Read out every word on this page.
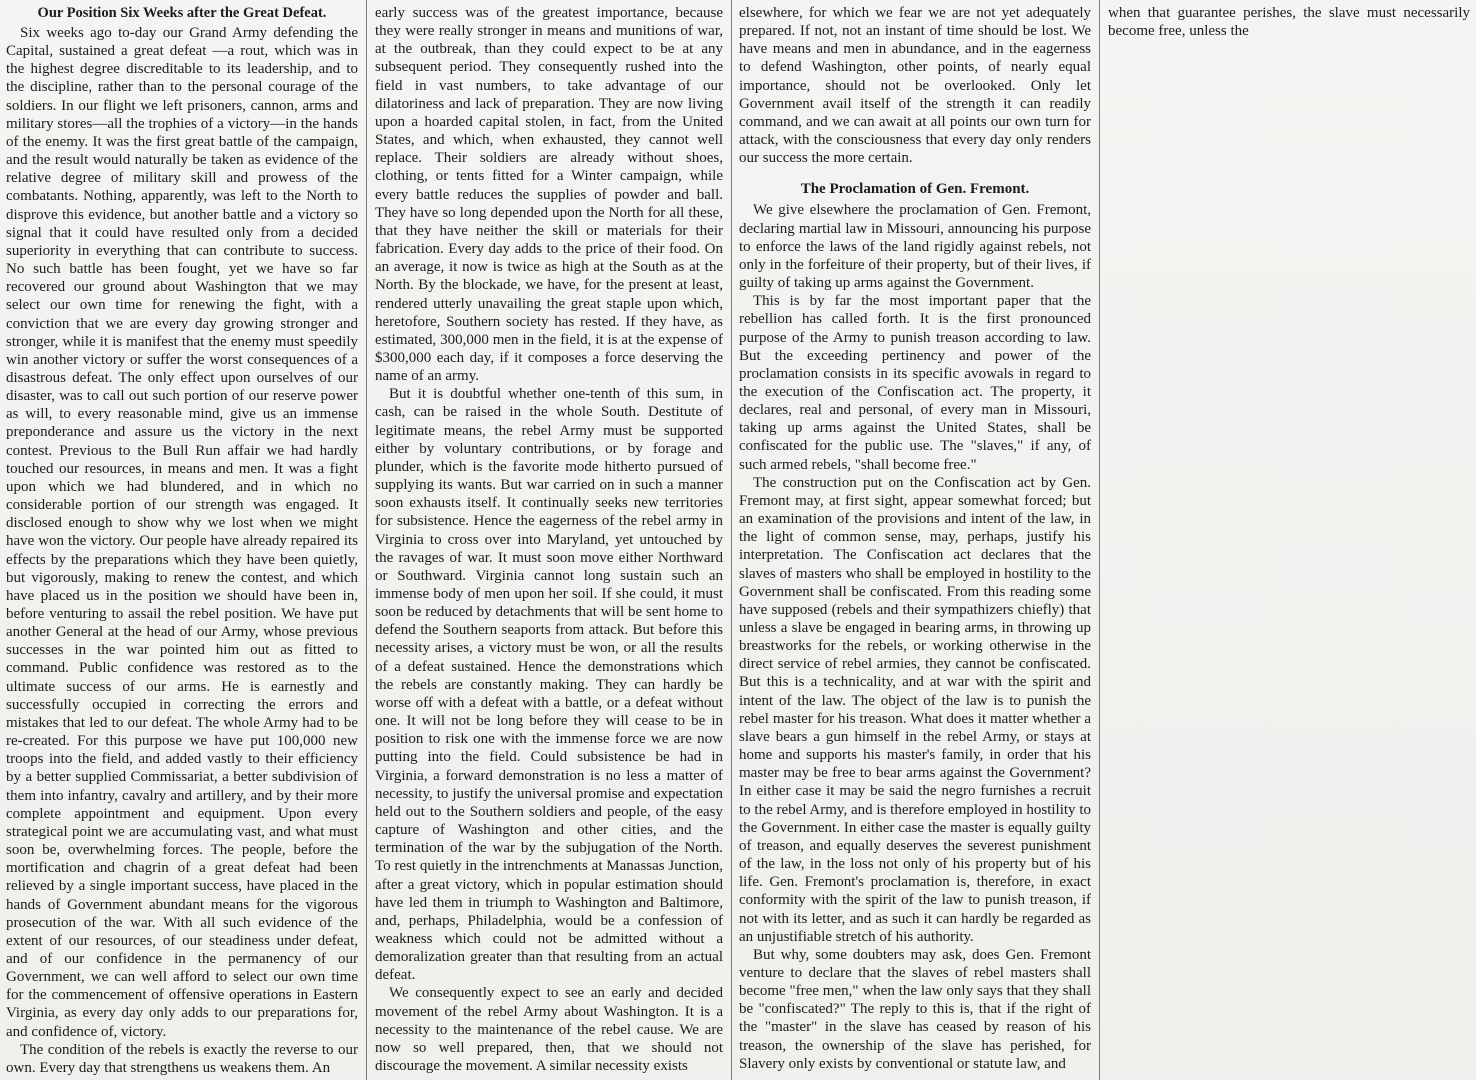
Our Position Six Weeks after the Great Defeat.

Six weeks ago to-day our Grand Army defending the Capital, sustained a great defeat —a rout, which was in the highest degree discreditable to its leadership, and to the discipline, rather than to the personal courage of the soldiers. In our flight we left prisoners, cannon, arms and military stores—all the trophies of a victory—in the hands of the enemy. It was the first great battle of the campaign, and the result would naturally be taken as evidence of the relative degree of military skill and prowess of the combatants. Nothing, apparently, was left to the North to disprove this evidence, but another battle and a victory so signal that it could have resulted only from a decided superiority in everything that can contribute to success. No such battle has been fought, yet we have so far recovered our ground about Washington that we may select our own time for renewing the fight, with a conviction that we are every day growing stronger and stronger, while it is manifest that the enemy must speedily win another victory or suffer the worst consequences of a disastrous defeat. The only effect upon ourselves of our disaster, was to call out such portion of our reserve power as will, to every reasonable mind, give us an immense preponderance and assure us the victory in the next contest. Previous to the Bull Run affair we had hardly touched our resources, in means and men. It was a fight upon which we had blundered, and in which no considerable portion of our strength was engaged. It disclosed enough to show why we lost when we might have won the victory. Our people have already repaired its effects by the preparations which they have been quietly, but vigorously, making to renew the contest, and which have placed us in the position we should have been in, before venturing to assail the rebel position. We have put another General at the head of our Army, whose previous successes in the war pointed him out as fitted to command. Public confidence was restored as to the ultimate success of our arms. He is earnestly and successfully occupied in correcting the errors and mistakes that led to our defeat. The whole Army had to be re-created. For this purpose we have put 100,000 new troops into the field, and added vastly to their efficiency by a better supplied Commissariat, a better subdivision of them into infantry, cavalry and artillery, and by their more complete appointment and equipment. Upon every strategical point we are accumulating vast, and what must soon be, overwhelming forces. The people, before the mortification and chagrin of a great defeat had been relieved by a single important success, have placed in the hands of Government abundant means for the vigorous prosecution of the war. With all such evidence of the extent of our resources, of our steadiness under defeat, and of our confidence in the permanency of our Government, we can well afford to select our own time for the commencement of offensive operations in Eastern Virginia, as every day only adds to our preparations for, and confidence of, victory.

The condition of the rebels is exactly the reverse to our own. Every day that strengthens us weakens them. An

early success was of the greatest importance, because they were really stronger in means and munitions of war, at the outbreak, than they could expect to be at any subsequent period. They consequently rushed into the field in vast numbers, to take advantage of our dilatoriness and lack of preparation. They are now living upon a hoarded capital stolen, in fact, from the United States, and which, when exhausted, they cannot well replace. Their soldiers are already without shoes, clothing, or tents fitted for a Winter campaign, while every battle reduces the supplies of powder and ball. They have so long depended upon the North for all these, that they have neither the skill or materials for their fabrication. Every day adds to the price of their food. On an average, it now is twice as high at the South as at the North. By the blockade, we have, for the present at least, rendered utterly unavailing the great staple upon which, heretofore, Southern society has rested. If they have, as estimated, 300,000 men in the field, it is at the expense of $300,000 each day, if it composes a force deserving the name of an army.

But it is doubtful whether one-tenth of this sum, in cash, can be raised in the whole South. Destitute of legitimate means, the rebel Army must be supported either by voluntary contributions, or by forage and plunder, which is the favorite mode hitherto pursued of supplying its wants. But war carried on in such a manner soon exhausts itself. It continually seeks new territories for subsistence. Hence the eagerness of the rebel army in Virginia to cross over into Maryland, yet untouched by the ravages of war. It must soon move either Northward or Southward. Virginia cannot long sustain such an immense body of men upon her soil. If she could, it must soon be reduced by detachments that will be sent home to defend the Southern seaports from attack. But before this necessity arises, a victory must be won, or all the results of a defeat sustained. Hence the demonstrations which the rebels are constantly making. They can hardly be worse off with a defeat with a battle, or a defeat without one. It will not be long before they will cease to be in position to risk one with the immense force we are now putting into the field. Could subsistence be had in Virginia, a forward demonstration is no less a matter of necessity, to justify the universal promise and expectation held out to the Southern soldiers and people, of the easy capture of Washington and other cities, and the termination of the war by the subjugation of the North. To rest quietly in the intrenchments at Manassas Junction, after a great victory, which in popular estimation should have led them in triumph to Washington and Baltimore, and, perhaps, Philadelphia, would be a confession of weakness which could not be admitted without a demoralization greater than that resulting from an actual defeat.

We consequently expect to see an early and decided movement of the rebel Army about Washington. It is a necessity to the maintenance of the rebel cause. We are now so well prepared, then, that we should not discourage the movement. A similar necessity exists

elsewhere, for which we fear we are not yet adequately prepared. If not, not an instant of time should be lost. We have means and men in abundance, and in the eagerness to defend Washington, other points, of nearly equal importance, should not be overlooked. Only let Government avail itself of the strength it can readily command, and we can await at all points our own turn for attack, with the consciousness that every day only renders our success the more certain.

The Proclamation of Gen. Fremont.

We give elsewhere the proclamation of Gen. Fremont, declaring martial law in Missouri, announcing his purpose to enforce the laws of the land rigidly against rebels, not only in the forfeiture of their property, but of their lives, if guilty of taking up arms against the Government.

This is by far the most important paper that the rebellion has called forth. It is the first pronounced purpose of the Army to punish treason according to law. But the exceeding pertinency and power of the proclamation consists in its specific avowals in regard to the execution of the Confiscation act. The property, it declares, real and personal, of every man in Missouri, taking up arms against the United States, shall be confiscated for the public use. The "slaves," if any, of such armed rebels, "shall become free."

The construction put on the Confiscation act by Gen. Fremont may, at first sight, appear somewhat forced; but an examination of the provisions and intent of the law, in the light of common sense, may, perhaps, justify his interpretation. The Confiscation act declares that the slaves of masters who shall be employed in hostility to the Government shall be confiscated. From this reading some have supposed (rebels and their sympathizers chiefly) that unless a slave be engaged in bearing arms, in throwing up breastworks for the rebels, or working otherwise in the direct service of rebel armies, they cannot be confiscated. But this is a technicality, and at war with the spirit and intent of the law. The object of the law is to punish the rebel master for his treason. What does it matter whether a slave bears a gun himself in the rebel Army, or stays at home and supports his master's family, in order that his master may be free to bear arms against the Government? In either case it may be said the negro furnishes a recruit to the rebel Army, and is therefore employed in hostility to the Government. In either case the master is equally guilty of treason, and equally deserves the severest punishment of the law, in the loss not only of his property but of his life. Gen. Fremont's proclamation is, therefore, in exact conformity with the spirit of the law to punish treason, if not with its letter, and as such it can hardly be regarded as an unjustifiable stretch of his authority.

But why, some doubters may ask, does Gen. Fremont venture to declare that the slaves of rebel masters shall become "free men," when the law only says that they shall be "confiscated?" The reply to this is, that if the right of the "master" in the slave has ceased by reason of his treason, the ownership of the slave has perished, for Slavery only exists by conventional or statute law, and

when that guarantee perishes, the slave must necessarily become free, unless the
